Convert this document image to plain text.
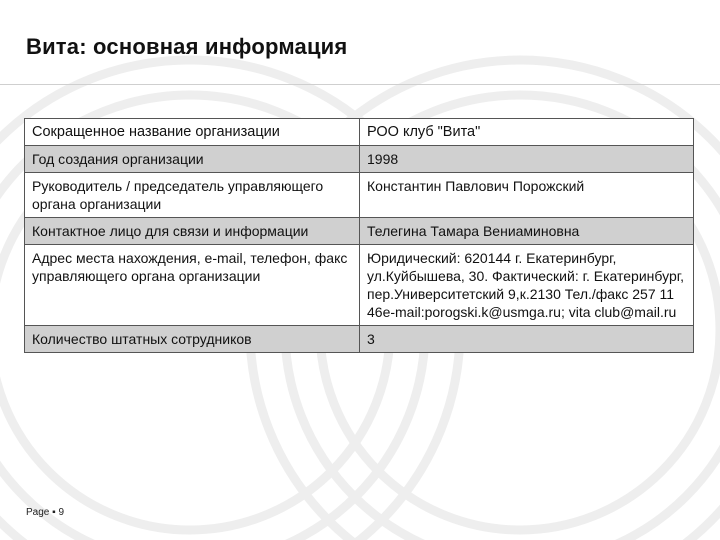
Вита: основная информация
Сокращенное название организации	РОО клуб "Вита"
Год создания организации	1998
Руководитель / председатель управляющего органа организации	Константин Павлович Порожский
Контактное лицо для связи и информации	Телегина Тамара Вениаминовна
Адрес места нахождения, e-mail, телефон, факс управляющего органа организации	Юридический: 620144 г. Екатеринбург, ул.Куйбышева, 30. Фактический: г. Екатеринбург, пер.Университетский 9,к.2130 Тел./факс 257 11 46e-mail:porogski.k@usmga.ru; vita club@mail.ru
Количество штатных сотрудников	3
Page ▪ 9
